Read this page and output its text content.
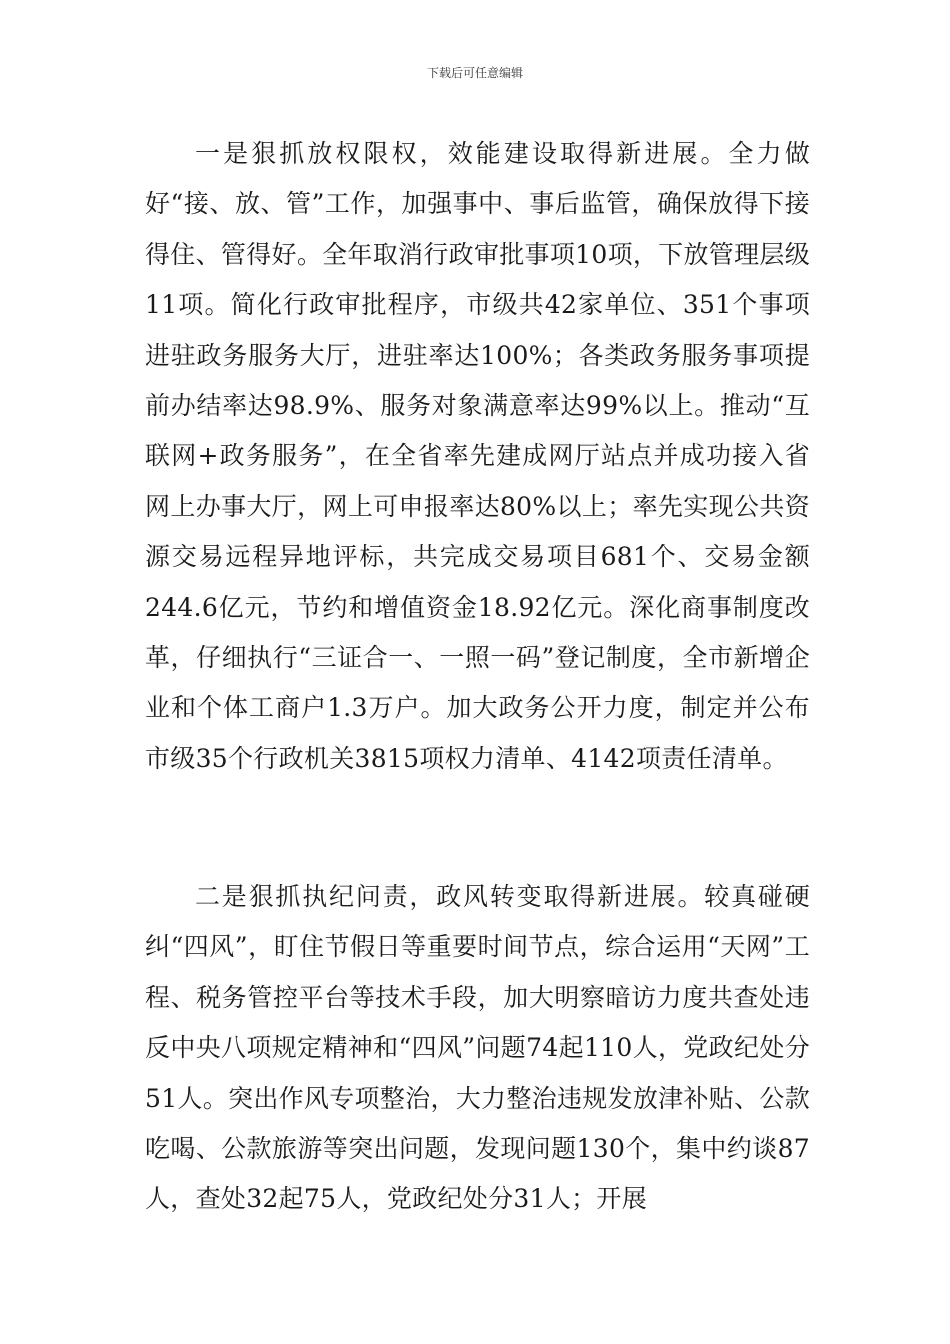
下载后可任意编辑

一是狠抓放权限权，效能建设取得新进展。全力做好“接、放、管”工作，加强事中、事后监管，确保放得下接得住、管得好。全年取消行政审批事项10项，下放管理层级11项。简化行政审批程序，市级共42家单位、351个事项进驻政务服务大厅，进驻率达100%；各类政务服务事项提前办结率达98.9%、服务对象满意率达99%以上。推动“互联网+政务服务”，在全省率先建成网厅站点并成功接入省网上办事大厅，网上可申报率达80%以上；率先实现公共资源交易远程异地评标，共完成交易项目681个、交易金额244.6亿元，节约和增值资金18.92亿元。深化商事制度改革，仔细执行“三证合一、一照一码”登记制度，全市新增企业和个体工商户1.3万户。加大政务公开力度，制定并公布市级35个行政机关3815项权力清单、4142项责任清单。

二是狠抓执纪问责，政风转变取得新进展。较真碰硬纠“四风”，盯住节假日等重要时间节点，综合运用“天网”工程、税务管控平台等技术手段，加大明察暗访力度共查处违反中央八项规定精神和“四风”问题74起110人，党政纪处分51人。突出作风专项整治，大力整治违规发放津补贴、公款吃喝、公款旅游等突出问题，发现问题130个，集中约谈87人，查处32起75人，党政纪处分31人；开展
